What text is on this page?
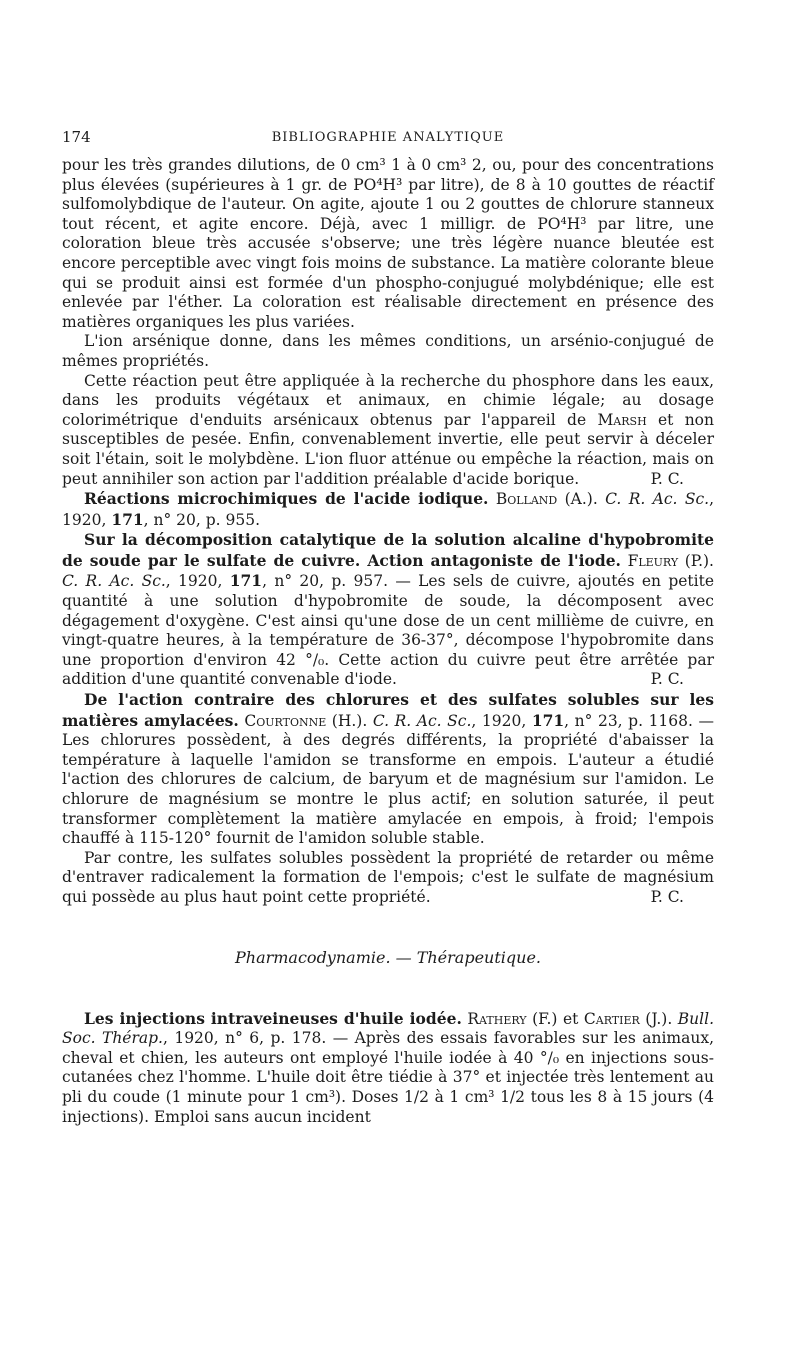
174	BIBLIOGRAPHIE ANALYTIQUE

pour les très grandes dilutions, de 0 cm³ 1 à 0 cm³ 2, ou, pour des concentrations plus élevées (supérieures à 1 gr. de PO⁴H³ par litre), de 8 à 10 gouttes de réactif sulfomolybdique de l'auteur. On agite, ajoute 1 ou 2 gouttes de chlorure stanneux tout récent, et agite encore. Déjà, avec 1 milligr. de PO⁴H³ par litre, une coloration bleue très accusée s'observe; une très légère nuance bleutée est encore perceptible avec vingt fois moins de substance. La matière colorante bleue qui se produit ainsi est formée d'un phospho-conjugué molybdénique; elle est enlevée par l'éther. La coloration est réalisable directement en présence des matières organiques les plus variées.

L'ion arsénique donne, dans les mêmes conditions, un arsénio-conjugué de mêmes propriétés.

Cette réaction peut être appliquée à la recherche du phosphore dans les eaux, dans les produits végétaux et animaux, en chimie légale; au dosage colorimétrique d'enduits arsénicaux obtenus par l'appareil de Marsh et non susceptibles de pesée. Enfin, convenablement invertie, elle peut servir à déceler soit l'étain, soit le molybdène. L'ion fluor atténue ou empêche la réaction, mais on peut annihiler son action par l'addition préalable d'acide borique.	P. C.

Réactions microchimiques de l'acide iodique. Bolland (A.). C. R. Ac. Sc., 1920, 171, n° 20, p. 955.

Sur la décomposition catalytique de la solution alcaline d'hypobromite de soude par le sulfate de cuivre. Action antagoniste de l'iode. Fleury (P.). C. R. Ac. Sc., 1920, 171, n° 20, p. 957. — Les sels de cuivre, ajoutés en petite quantité à une solution d'hypobromite de soude, la décomposent avec dégagement d'oxygène. C'est ainsi qu'une dose de un cent millième de cuivre, en vingt-quatre heures, à la température de 36-37°, décompose l'hypobromite dans une proportion d'environ 42 °/₀. Cette action du cuivre peut être arrêtée par addition d'une quantité convenable d'iode.	P. C.

De l'action contraire des chlorures et des sulfates solubles sur les matières amylacées. Courtonne (H.). C. R. Ac. Sc., 1920, 171, n° 23, p. 1168. — Les chlorures possèdent, à des degrés différents, la propriété d'abaisser la température à laquelle l'amidon se transforme en empois. L'auteur a étudié l'action des chlorures de calcium, de baryum et de magnésium sur l'amidon. Le chlorure de magnésium se montre le plus actif; en solution saturée, il peut transformer complètement la matière amylacée en empois, à froid; l'empois chauffé à 115-120° fournit de l'amidon soluble stable.

Par contre, les sulfates solubles possèdent la propriété de retarder ou même d'entraver radicalement la formation de l'empois; c'est le sulfate de magnésium qui possède au plus haut point cette propriété.	P. C.

Pharmacodynamie. — Thérapeutique.

Les injections intraveineuses d'huile iodée. Rathery (F.) et Cartier (J.). Bull. Soc. Thérap., 1920, n° 6, p. 178. — Après des essais favorables sur les animaux, cheval et chien, les auteurs ont employé l'huile iodée à 40 °/₀ en injections sous-cutanées chez l'homme. L'huile doit être tiédie à 37° et injectée très lentement au pli du coude (1 minute pour 1 cm³). Doses 1/2 à 1 cm³ 1/2 tous les 8 à 15 jours (4 injections). Emploi sans aucun incident
